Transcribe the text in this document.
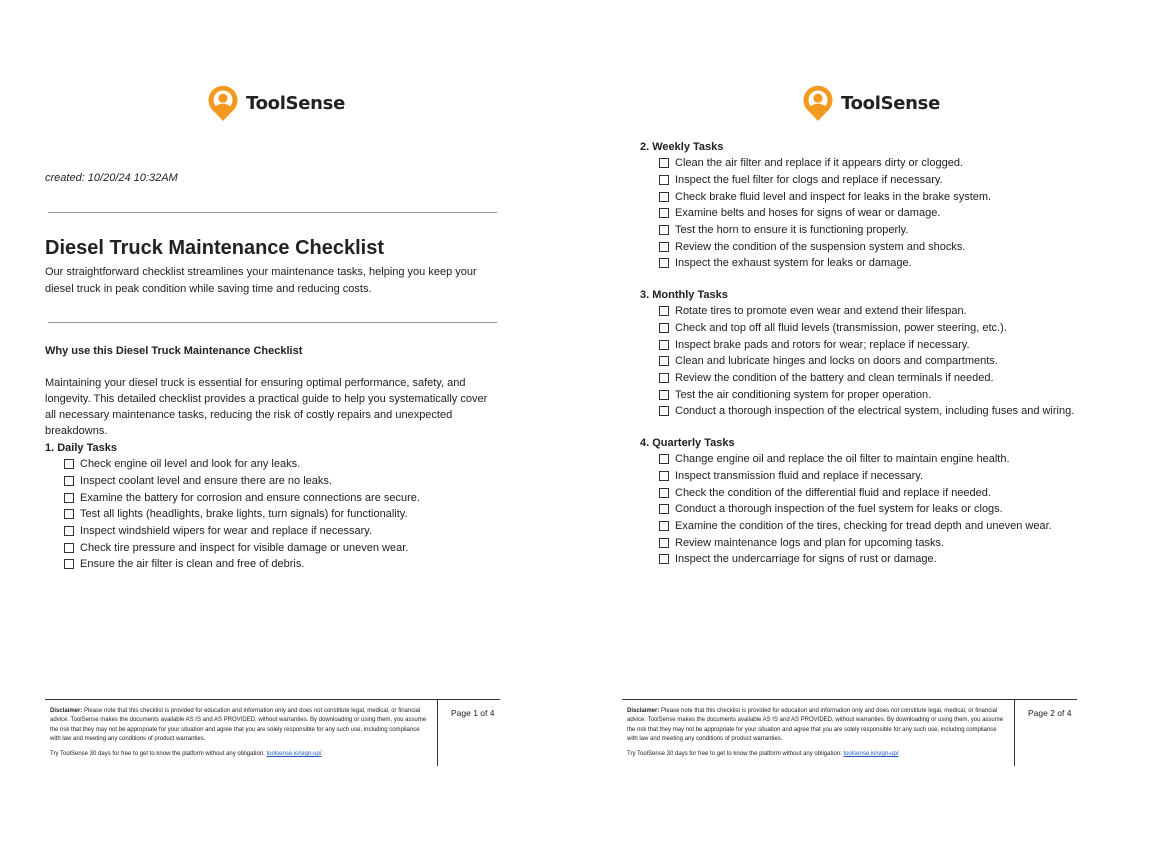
ToolSense
created: 10/20/24 10:32AM
Diesel Truck Maintenance Checklist

Our straightforward checklist streamlines your maintenance tasks, helping you keep your diesel truck in peak condition while saving time and reducing costs.

Why use this Diesel Truck Maintenance Checklist

Maintaining your diesel truck is essential for ensuring optimal performance, safety, and longevity. This detailed checklist provides a practical guide to help you systematically cover all necessary maintenance tasks, reducing the risk of costly repairs and unexpected breakdowns.

1. Daily Tasks
Check engine oil level and look for any leaks.
Inspect coolant level and ensure there are no leaks.
Examine the battery for corrosion and ensure connections are secure.
Test all lights (headlights, brake lights, turn signals) for functionality.
Inspect windshield wipers for wear and replace if necessary.
Check tire pressure and inspect for visible damage or uneven wear.
Ensure the air filter is clean and free of debris.

Disclaimer: Please note that this checklist is provided for education and information only and does not constitute legal, medical, or financial advice. ToolSense makes the documents available AS IS and AS PROVIDED, without warranties. By downloading or using them, you assume the risk that they may not be appropriate for your situation and agree that you are solely responsible for any such use, including compliance with law and meeting any conditions of product warranties.

Try ToolSense 30 days for free to get to know the platform without any obligation: toolsense.io/sign-up/
Page 1 of 4
ToolSense
2. Weekly Tasks
Clean the air filter and replace if it appears dirty or clogged.
Inspect the fuel filter for clogs and replace if necessary.
Check brake fluid level and inspect for leaks in the brake system.
Examine belts and hoses for signs of wear or damage.
Test the horn to ensure it is functioning properly.
Review the condition of the suspension system and shocks.
Inspect the exhaust system for leaks or damage.
3. Monthly Tasks
Rotate tires to promote even wear and extend their lifespan.
Check and top off all fluid levels (transmission, power steering, etc.).
Inspect brake pads and rotors for wear; replace if necessary.
Clean and lubricate hinges and locks on doors and compartments.
Review the condition of the battery and clean terminals if needed.
Test the air conditioning system for proper operation.
Conduct a thorough inspection of the electrical system, including fuses and wiring.
4. Quarterly Tasks
Change engine oil and replace the oil filter to maintain engine health.
Inspect transmission fluid and replace if necessary.
Check the condition of the differential fluid and replace if needed.
Conduct a thorough inspection of the fuel system for leaks or clogs.
Examine the condition of the tires, checking for tread depth and uneven wear.
Review maintenance logs and plan for upcoming tasks.
Inspect the undercarriage for signs of rust or damage.

Disclaimer: Please note that this checklist is provided for education and information only and does not constitute legal, medical, or financial advice. ToolSense makes the documents available AS IS and AS PROVIDED, without warranties. By downloading or using them, you assume the risk that they may not be appropriate for your situation and agree that you are solely responsible for any such use, including compliance with law and meeting any conditions of product warranties.

Try ToolSense 30 days for free to get to know the platform without any obligation: toolsense.io/sign-up/
Page 2 of 4
